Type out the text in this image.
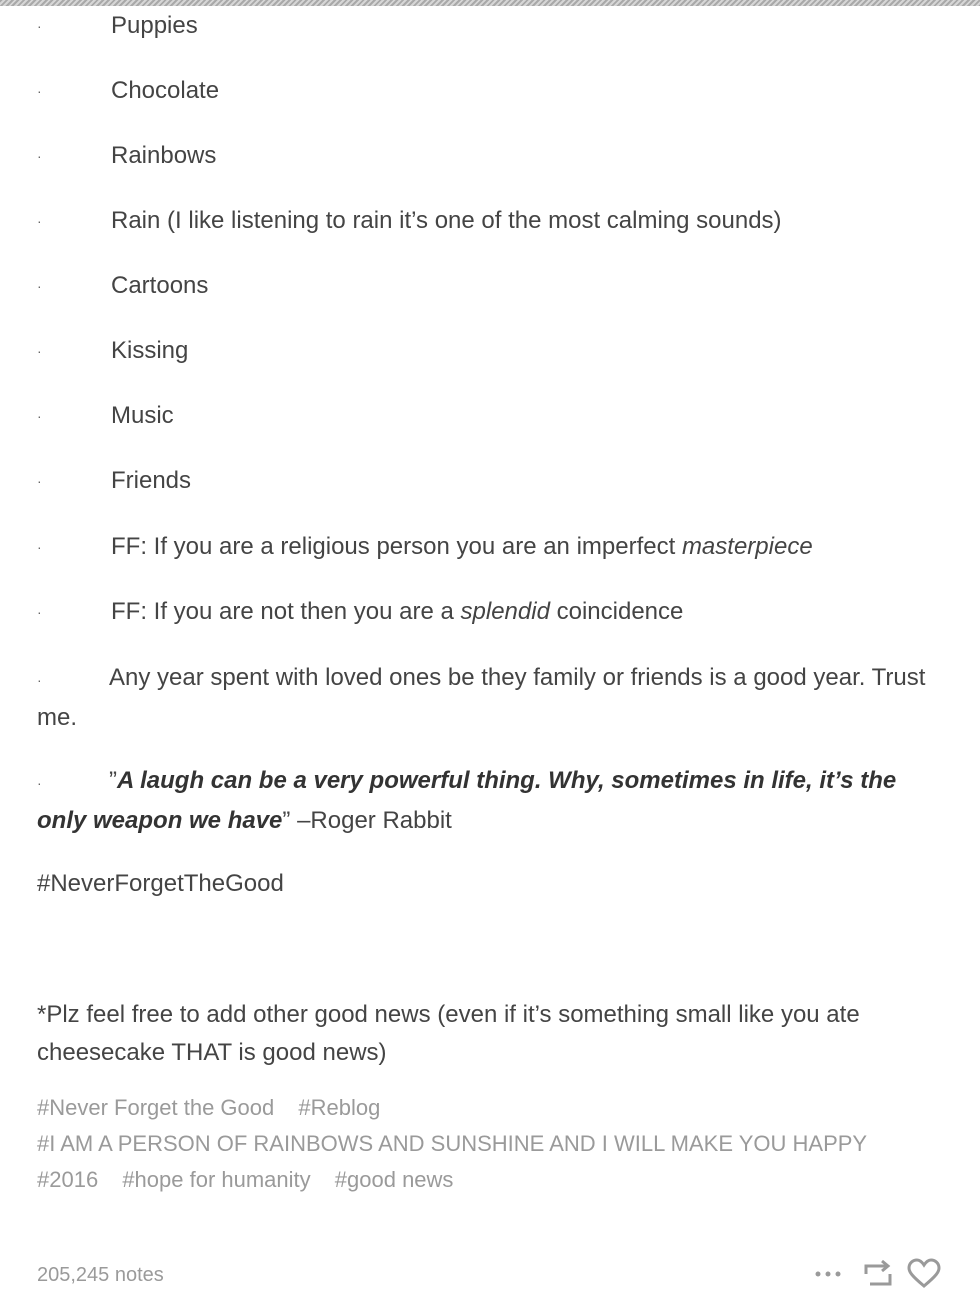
·	Puppies
·	Chocolate
·	Rainbows
·	Rain (I like listening to rain it’s one of the most calming sounds)
·	Cartoons
·	Kissing
·	Music
·	Friends
·	FF: If you are a religious person you are an imperfect masterpiece
·	FF: If you are not then you are a splendid coincidence
·	Any year spent with loved ones be they family or friends is a good year. Trust me.
·	”A laugh can be a very powerful thing. Why, sometimes in life, it’s the only weapon we have” –Roger Rabbit
#NeverForgetTheGood
*Plz feel free to add other good news (even if it’s something small like you ate cheesecake THAT is good news)
#Never Forget the Good #Reblog
#I AM A PERSON OF RAINBOWS AND SUNSHINE AND I WILL MAKE YOU HAPPY
#2016 #hope for humanity #good news
205,245 notes
